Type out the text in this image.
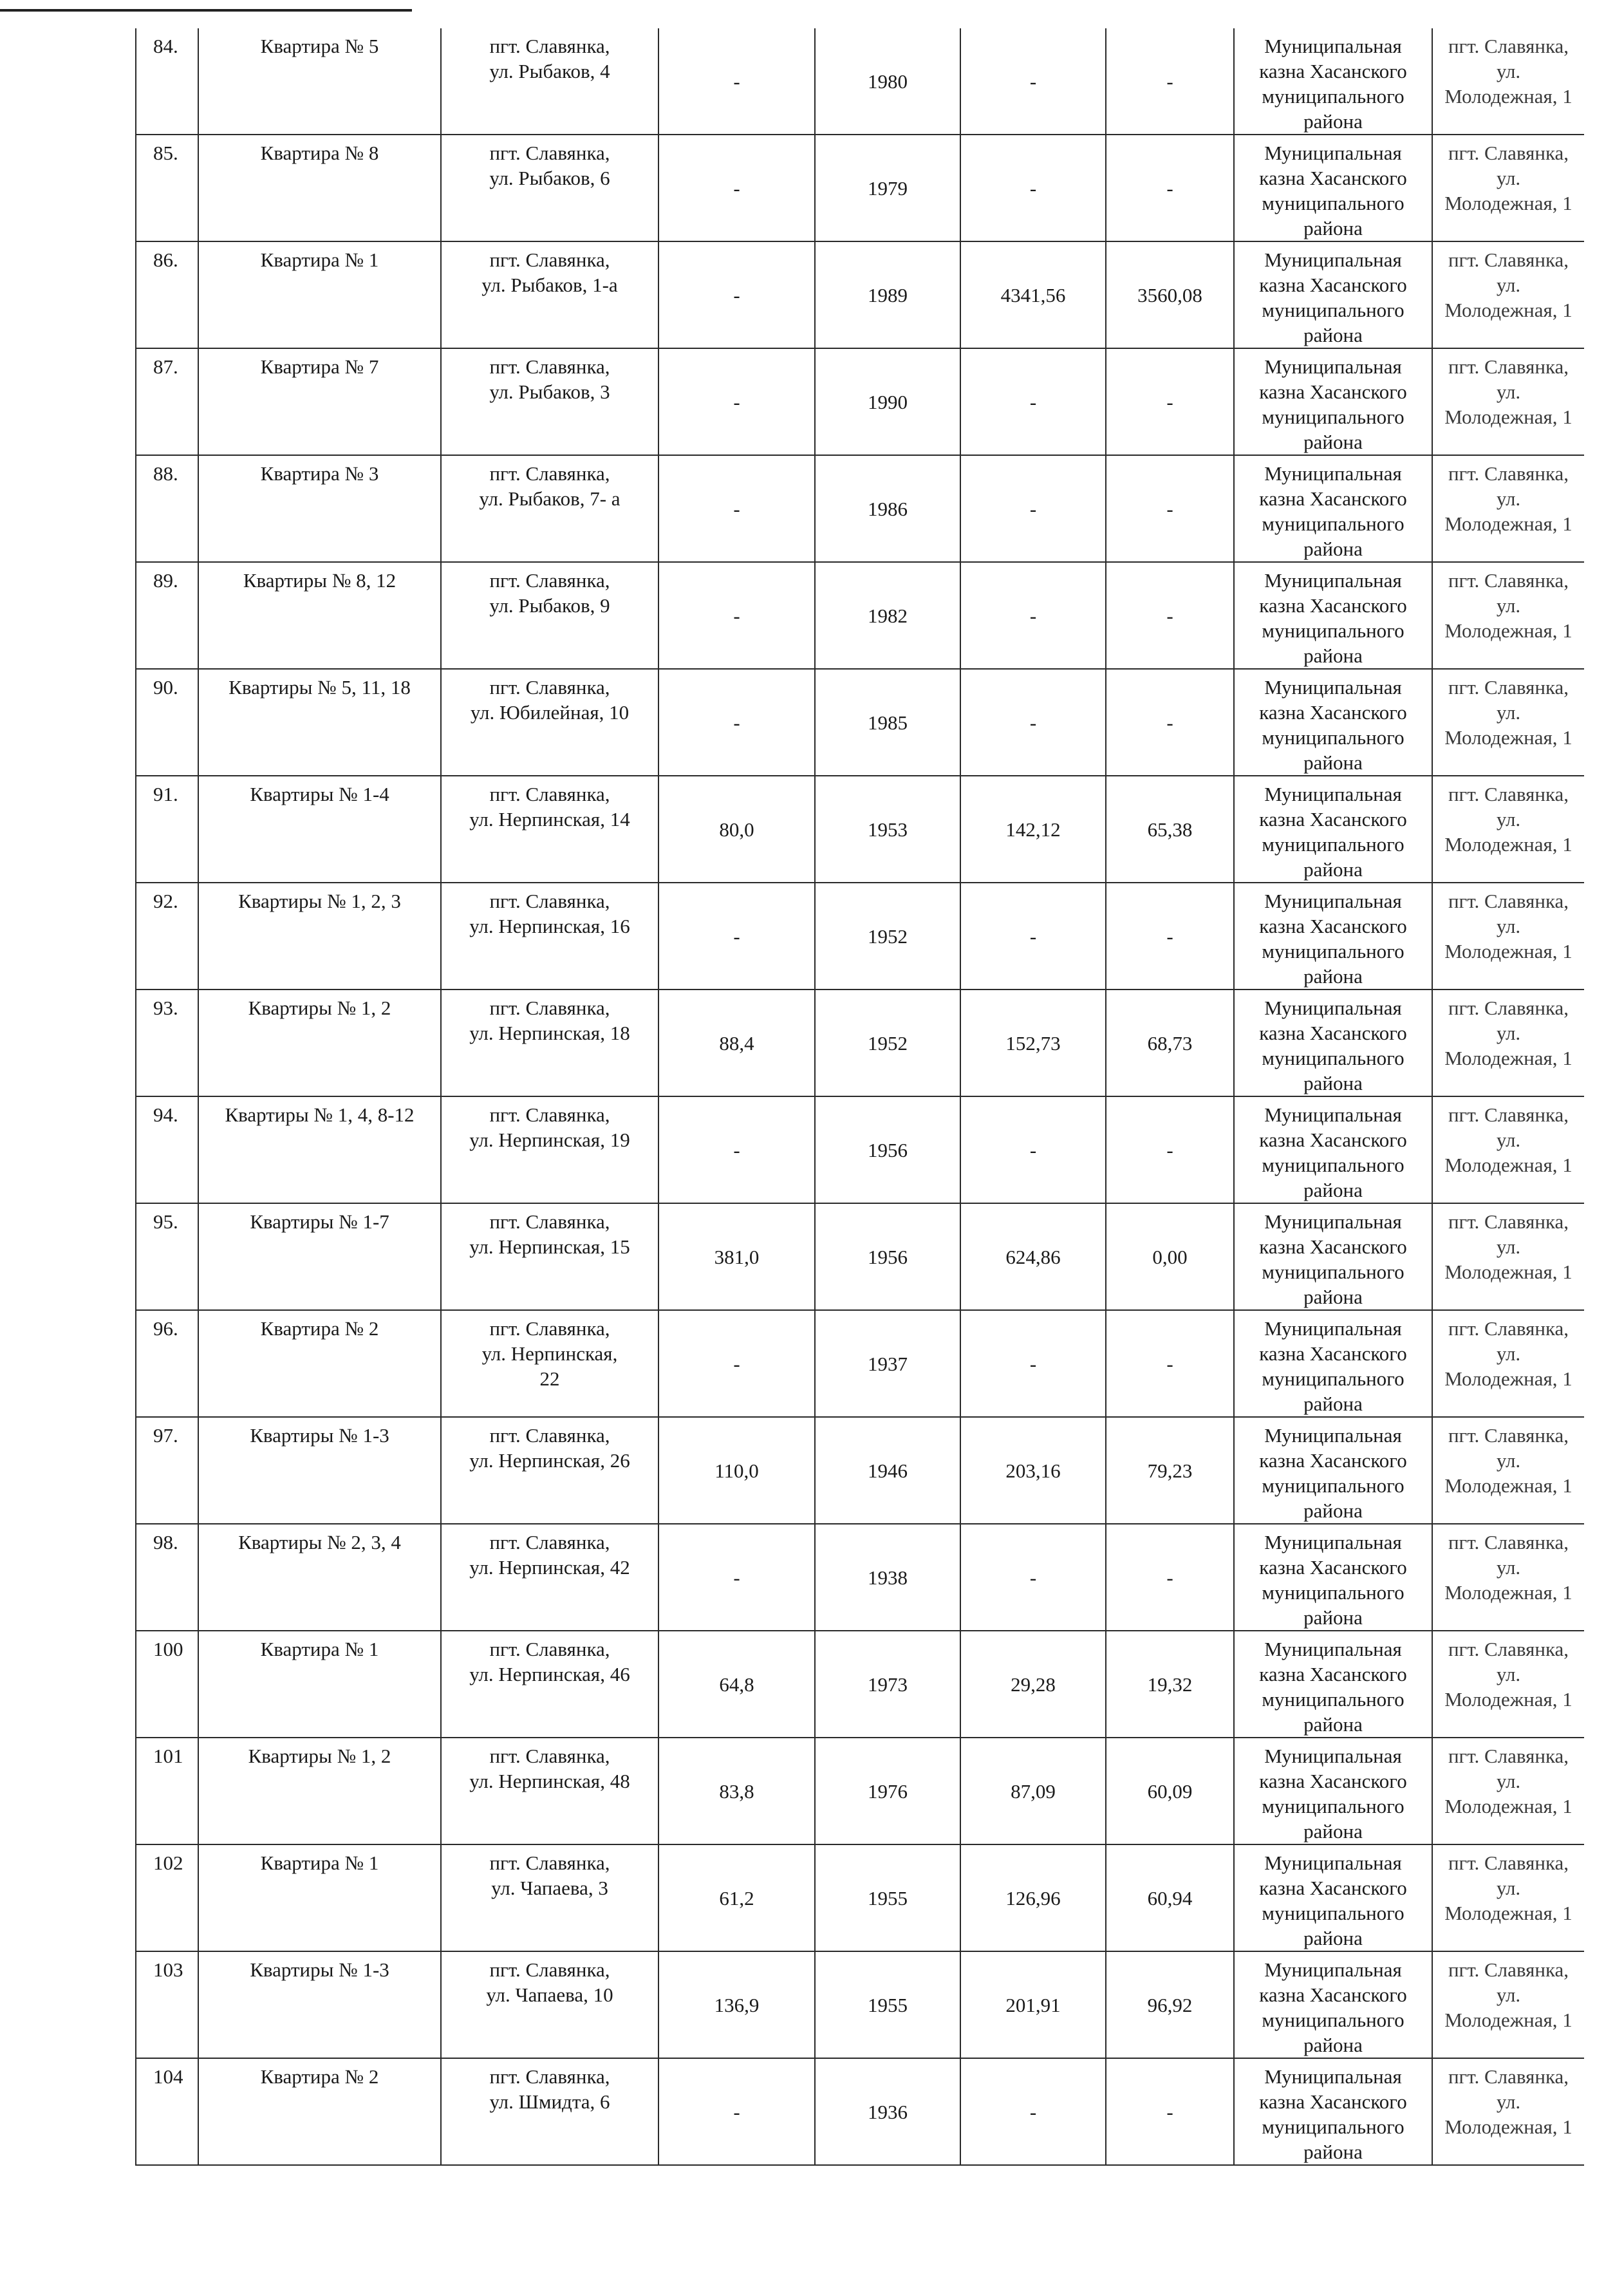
84.	Квартира № 5	пгт. Славянка,
ул. Рыбаков, 4	-	1980	-	-	Муниципальная
казна Хасанского
муниципального
района	пгт. Славянка,
ул.
Молодежная, 1

85.	Квартира № 8	пгт. Славянка,
ул. Рыбаков, 6	-	1979	-	-	Муниципальная
казна Хасанского
муниципального
района	пгт. Славянка,
ул.
Молодежная, 1

86.	Квартира № 1	пгт. Славянка,
ул. Рыбаков, 1-а	-	1989	4341,56	3560,08	Муниципальная
казна Хасанского
муниципального
района	пгт. Славянка,
ул.
Молодежная, 1

87.	Квартира № 7	пгт. Славянка,
ул. Рыбаков, 3	-	1990	-	-	Муниципальная
казна Хасанского
муниципального
района	пгт. Славянка,
ул.
Молодежная, 1

88.	Квартира № 3	пгт. Славянка,
ул. Рыбаков, 7- а	-	1986	-	-	Муниципальная
казна Хасанского
муниципального
района	пгт. Славянка,
ул.
Молодежная, 1

89.	Квартиры № 8, 12	пгт. Славянка,
ул. Рыбаков, 9	-	1982	-	-	Муниципальная
казна Хасанского
муниципального
района	пгт. Славянка,
ул.
Молодежная, 1

90.	Квартиры № 5, 11, 18	пгт. Славянка,
ул. Юбилейная, 10	-	1985	-	-	Муниципальная
казна Хасанского
муниципального
района	пгт. Славянка,
ул.
Молодежная, 1

91.	Квартиры № 1-4	пгт. Славянка,
ул. Нерпинская, 14	80,0	1953	142,12	65,38	Муниципальная
казна Хасанского
муниципального
района	пгт. Славянка,
ул.
Молодежная, 1

92.	Квартиры № 1, 2, 3	пгт. Славянка,
ул. Нерпинская, 16	-	1952	-	-	Муниципальная
казна Хасанского
муниципального
района	пгт. Славянка,
ул.
Молодежная, 1

93.	Квартиры № 1, 2	пгт. Славянка,
ул. Нерпинская, 18	88,4	1952	152,73	68,73	Муниципальная
казна Хасанского
муниципального
района	пгт. Славянка,
ул.
Молодежная, 1

94.	Квартиры № 1, 4, 8-12	пгт. Славянка,
ул. Нерпинская, 19	-	1956	-	-	Муниципальная
казна Хасанского
муниципального
района	пгт. Славянка,
ул.
Молодежная, 1

95.	Квартиры № 1-7	пгт. Славянка,
ул. Нерпинская, 15	381,0	1956	624,86	0,00	Муниципальная
казна Хасанского
муниципального
района	пгт. Славянка,
ул.
Молодежная, 1

96.	Квартира № 2	пгт. Славянка,
ул. Нерпинская,
22	-	1937	-	-	Муниципальная
казна Хасанского
муниципального
района	пгт. Славянка,
ул.
Молодежная, 1

97.	Квартиры № 1-3	пгт. Славянка,
ул. Нерпинская, 26	110,0	1946	203,16	79,23	Муниципальная
казна Хасанского
муниципального
района	пгт. Славянка,
ул.
Молодежная, 1

98.	Квартиры № 2, 3, 4	пгт. Славянка,
ул. Нерпинская, 42	-	1938	-	-	Муниципальная
казна Хасанского
муниципального
района	пгт. Славянка,
ул.
Молодежная, 1

100	Квартира № 1	пгт. Славянка,
ул. Нерпинская, 46	64,8	1973	29,28	19,32	Муниципальная
казна Хасанского
муниципального
района	пгт. Славянка,
ул.
Молодежная, 1

101	Квартиры № 1, 2	пгт. Славянка,
ул. Нерпинская, 48	83,8	1976	87,09	60,09	Муниципальная
казна Хасанского
муниципального
района	пгт. Славянка,
ул.
Молодежная, 1

102	Квартира № 1	пгт. Славянка,
ул. Чапаева, 3	61,2	1955	126,96	60,94	Муниципальная
казна Хасанского
муниципального
района	пгт. Славянка,
ул.
Молодежная, 1

103	Квартиры № 1-3	пгт. Славянка,
ул. Чапаева, 10	136,9	1955	201,91	96,92	Муниципальная
казна Хасанского
муниципального
района	пгт. Славянка,
ул.
Молодежная, 1

104	Квартира № 2	пгт. Славянка,
ул. Шмидта, 6	-	1936	-	-	Муниципальная
казна Хасанского
муниципального
района	пгт. Славянка,
ул.
Молодежная, 1
